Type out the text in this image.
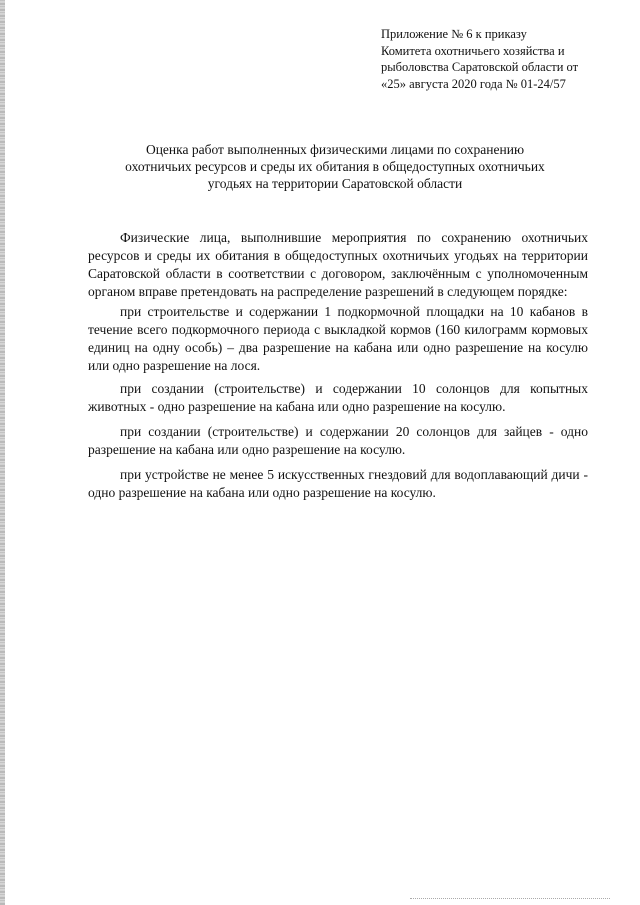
Приложение № 6 к приказу
Комитета охотничьего хозяйства и
рыболовства Саратовской области от
«25» августа 2020 года № 01-24/57
Оценка работ выполненных физическими лицами по сохранению
охотничьих ресурсов и среды их обитания в общедоступных охотничьих
угодьях на территории Саратовской области

Физические лица, выполнившие мероприятия по сохранению охотничьих ресурсов и среды их обитания в общедоступных охотничьих угодьях на территории Саратовской области в соответствии с договором, заключённым с уполномоченным органом вправе претендовать на распределение разрешений в следующем порядке:

при строительстве и содержании 1 подкормочной площадки на 10 кабанов в течение всего подкормочного периода с выкладкой кормов (160 килограмм кормовых единиц на одну особь) – два разрешение на кабана или одно разрешение на косулю или одно разрешение на лося.

при создании (строительстве) и содержании 10 солонцов для копытных животных - одно разрешение на кабана или одно разрешение на косулю.

при создании (строительстве) и содержании 20 солонцов для зайцев - одно разрешение на кабана или одно разрешение на косулю.

при устройстве не менее 5 искусственных гнездовий для водоплавающий дичи - одно разрешение на кабана или одно разрешение на косулю.
